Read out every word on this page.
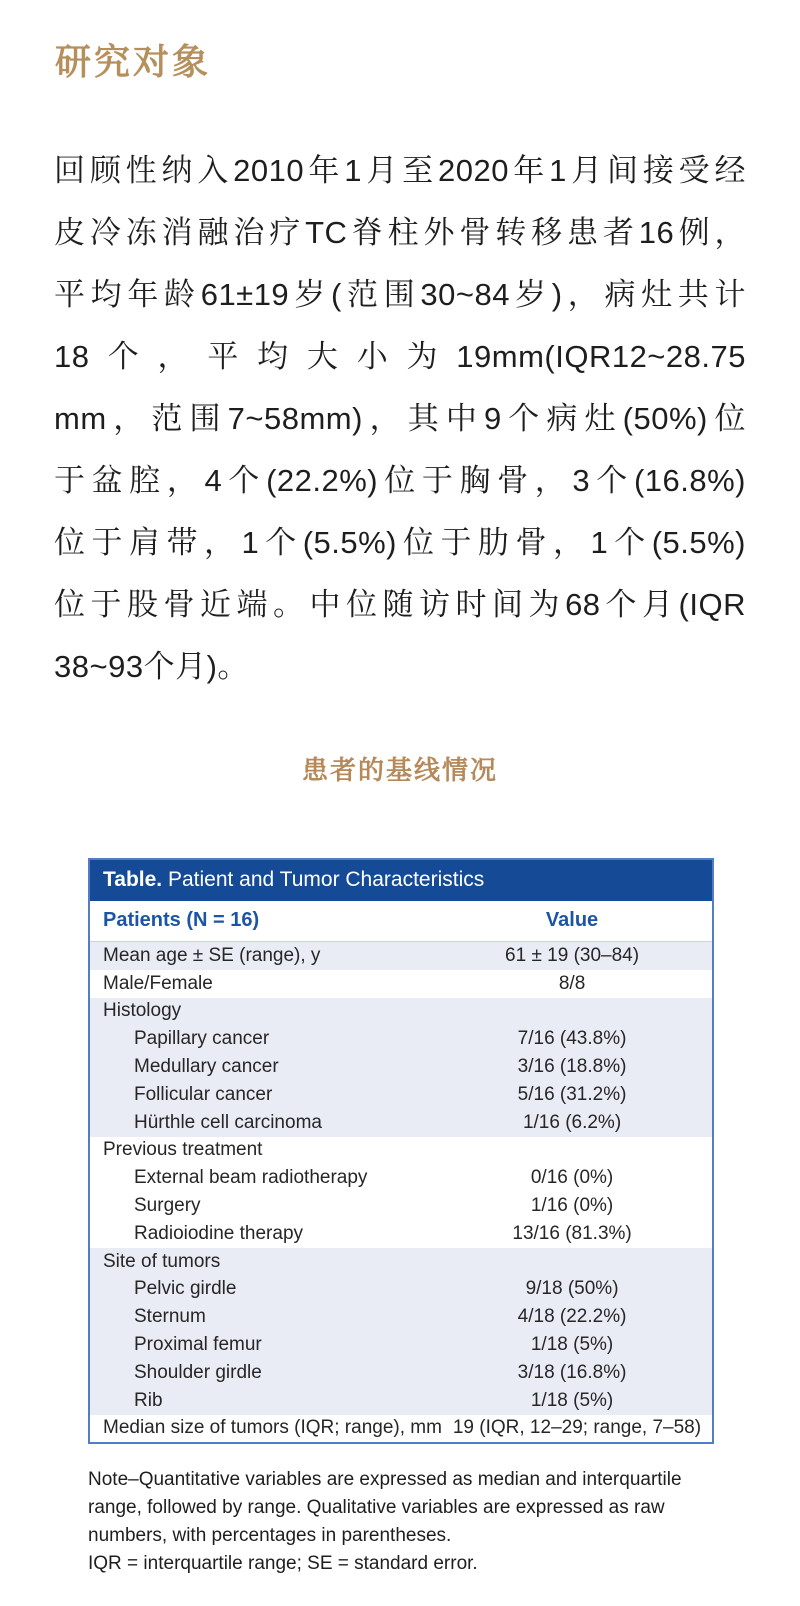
研究对象
回顾性纳入2010年1月至2020年1月间接受经
皮冷冻消融治疗TC脊柱外骨转移患者16例，
平均年龄61±19岁(范围30~84岁)，病灶共计
18个，平均大小为19mm(IQR12~28.75
mm，范围7~58mm)，其中9个病灶(50%)位
于盆腔，4个(22.2%)位于胸骨，3个(16.8%)
位于肩带，1个(5.5%)位于肋骨，1个(5.5%)
位于股骨近端。中位随访时间为68个月(IQR
38~93个月)。
患者的基线情况
Table. Patient and Tumor Characteristics
Patients (N = 16)	Value
Mean age ± SE (range), y	61 ± 19 (30–84)
Male/Female	8/8
Histology
Papillary cancer	7/16 (43.8%)
Medullary cancer	3/16 (18.8%)
Follicular cancer	5/16 (31.2%)
Hürthle cell carcinoma	1/16 (6.2%)
Previous treatment
External beam radiotherapy	0/16 (0%)
Surgery	1/16 (0%)
Radioiodine therapy	13/16 (81.3%)
Site of tumors
Pelvic girdle	9/18 (50%)
Sternum	4/18 (22.2%)
Proximal femur	1/18 (5%)
Shoulder girdle	3/18 (16.8%)
Rib	1/18 (5%)
Median size of tumors (IQR; range), mm 19 (IQR, 12–29; range, 7–58)

Note–Quantitative variables are expressed as median and interquartile range, followed by range. Qualitative variables are expressed as raw numbers, with percentages in parentheses.

IQR = interquartile range; SE = standard error.
